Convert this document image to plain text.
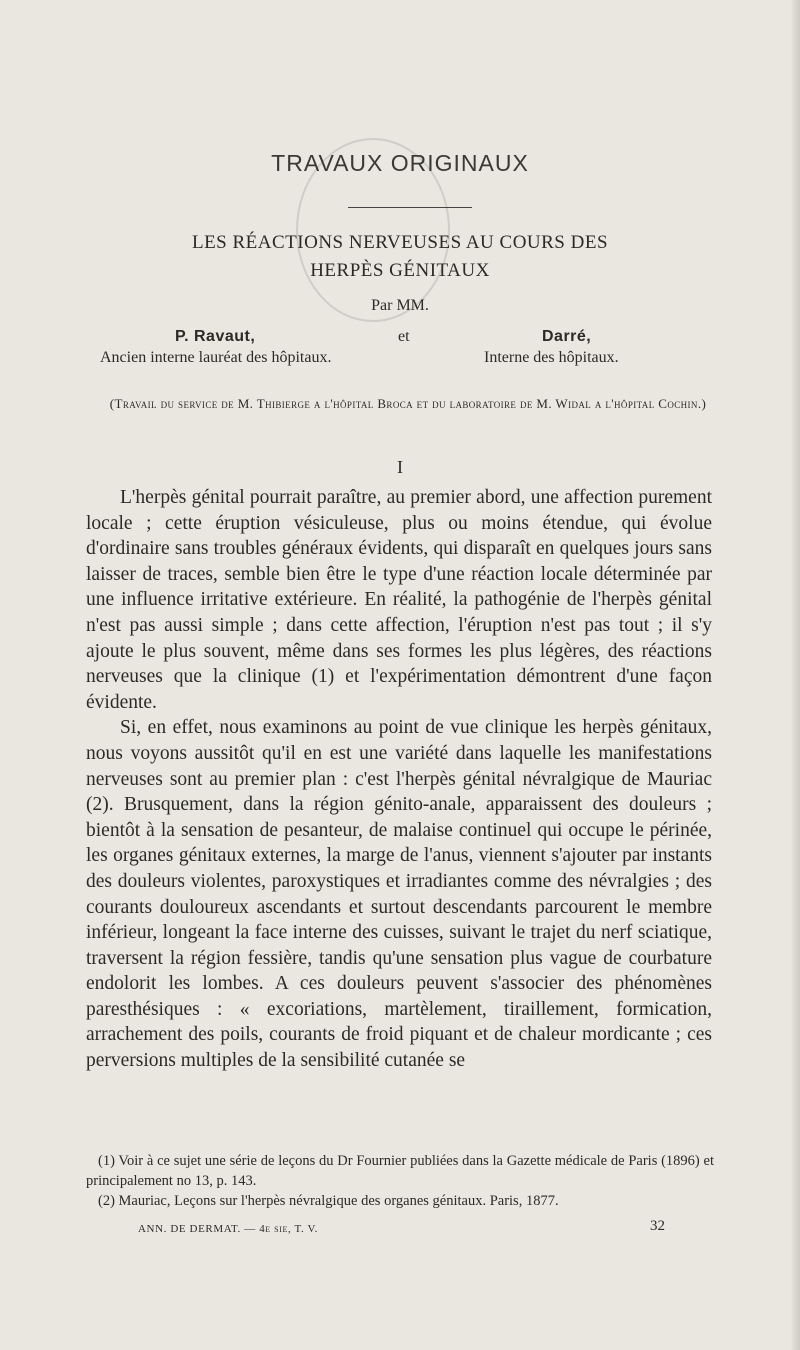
TRAVAUX ORIGINAUX
LES RÉACTIONS NERVEUSES AU COURS DES
HERPÈS GÉNITAUX
Par MM.
P. Ravaut,
Ancien interne lauréat des hôpitaux.
et	Darré,
Interne des hôpitaux.
(Travail du service de M. Thibierge a l'hôpital Broca et du laboratoire de M. Widal a l'hôpital Cochin.)
I

L'herpès génital pourrait paraître, au premier abord, une affection purement locale ; cette éruption vésiculeuse, plus ou moins étendue, qui évolue d'ordinaire sans troubles généraux évidents, qui disparaît en quelques jours sans laisser de traces, semble bien être le type d'une réaction locale déterminée par une influence irritative extérieure. En réalité, la pathogénie de l'herpès génital n'est pas aussi simple ; dans cette affection, l'éruption n'est pas tout ; il s'y ajoute le plus souvent, même dans ses formes les plus légères, des réactions nerveuses que la clinique (1) et l'expérimentation démontrent d'une façon évidente.

Si, en effet, nous examinons au point de vue clinique les herpès génitaux, nous voyons aussitôt qu'il en est une variété dans laquelle les manifestations nerveuses sont au premier plan : c'est l'herpès génital névralgique de Mauriac (2). Brusquement, dans la région génito-anale, apparaissent des douleurs ; bientôt à la sensation de pesanteur, de malaise continuel qui occupe le périnée, les organes génitaux externes, la marge de l'anus, viennent s'ajouter par instants des douleurs violentes, paroxystiques et irradiantes comme des névralgies ; des courants douloureux ascendants et surtout descendants parcourent le membre inférieur, longeant la face interne des cuisses, suivant le trajet du nerf sciatique, traversent la région fessière, tandis qu'une sensation plus vague de courbature endolorit les lombes. A ces douleurs peuvent s'associer des phénomènes paresthésiques : « excoriations, martèlement, tiraillement, formication, arrachement des poils, courants de froid piquant et de chaleur mordicante ; ces perversions multiples de la sensibilité cutanée se

(1) Voir à ce sujet une série de leçons du Dr Fournier publiées dans la Gazette médicale de Paris (1896) et principalement no 13, p. 143.

(2) Mauriac, Leçons sur l'herpès névralgique des organes génitaux. Paris, 1877.

ANN. DE DERMAT. — 4e sie, T. V.	32
